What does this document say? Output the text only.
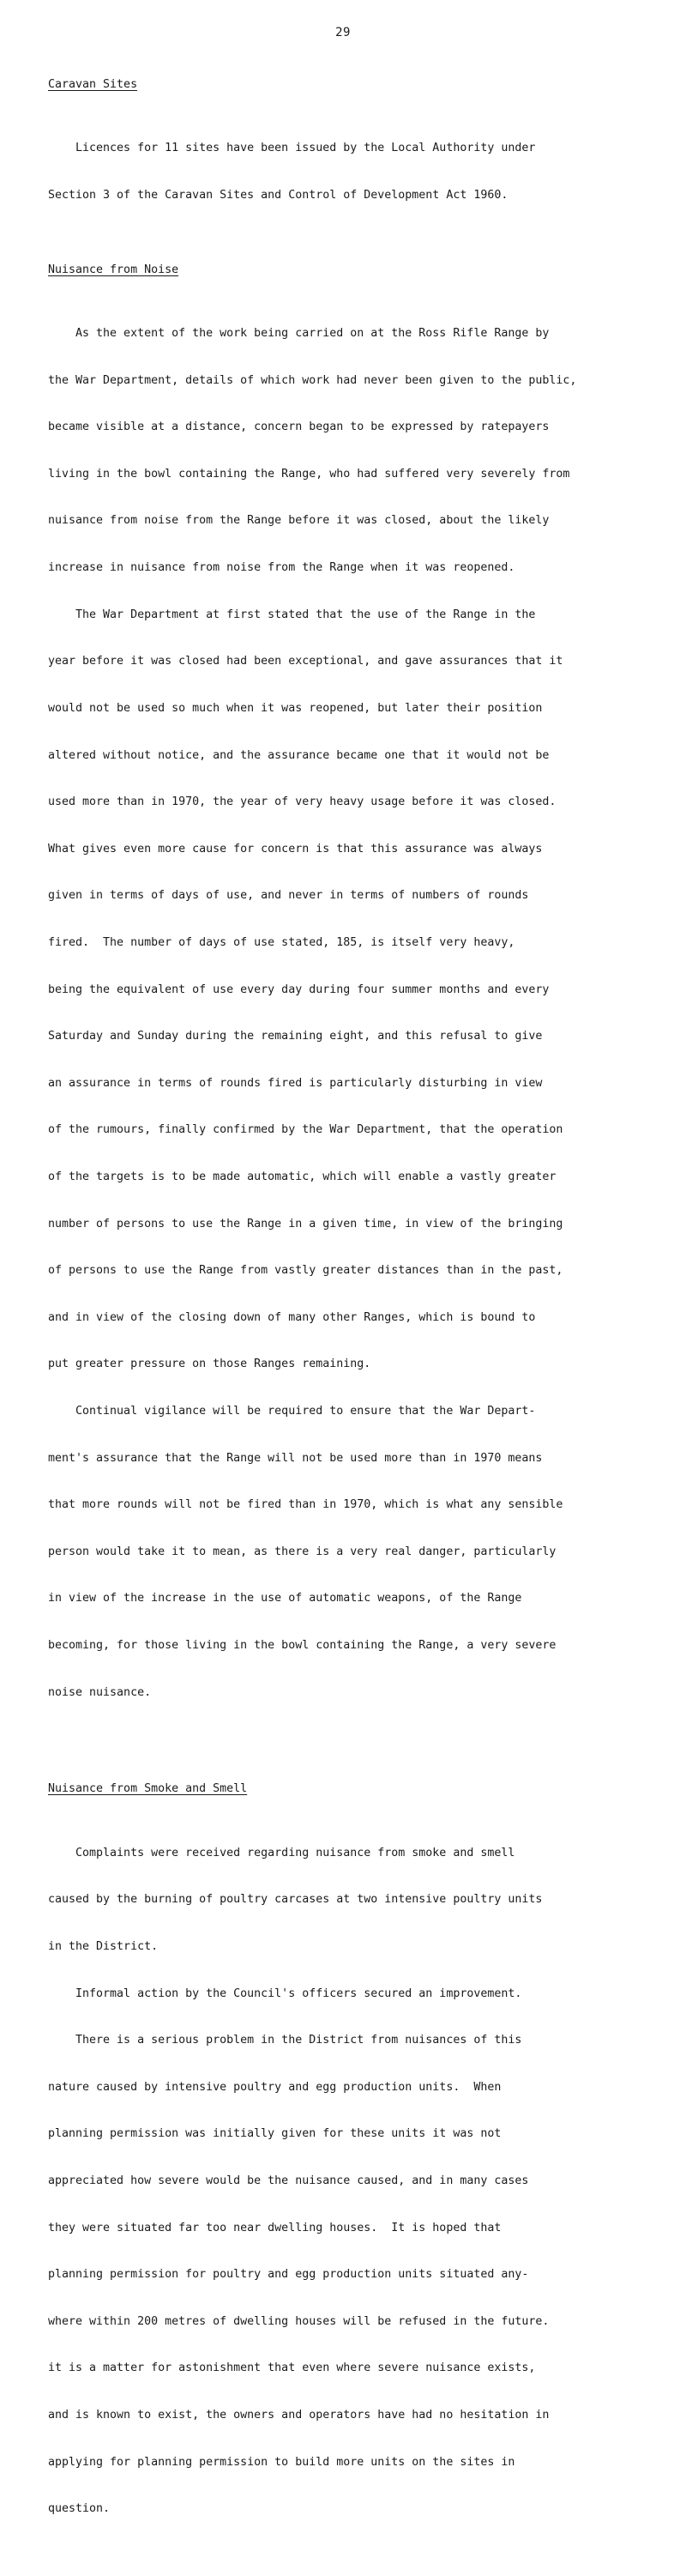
29
Caravan Sites

Licences for 11 sites have been issued by the Local Authority under

Section 3 of the Caravan Sites and Control of Development Act 1960.

Nuisance from Noise

As the extent of the work being carried on at the Ross Rifle Range by

the War Department, details of which work had never been given to the public,

became visible at a distance, concern began to be expressed by ratepayers

living in the bowl containing the Range, who had suffered very severely from

nuisance from noise from the Range before it was closed, about the likely

increase in nuisance from noise from the Range when it was reopened.

The War Department at first stated that the use of the Range in the

year before it was closed had been exceptional, and gave assurances that it

would not be used so much when it was reopened, but later their position

altered without notice, and the assurance became one that it would not be

used more than in 1970, the year of very heavy usage before it was closed.

What gives even more cause for concern is that this assurance was always

given in terms of days of use, and never in terms of numbers of rounds

fired.  The number of days of use stated, 185, is itself very heavy,

being the equivalent of use every day during four summer months and every

Saturday and Sunday during the remaining eight, and this refusal to give

an assurance in terms of rounds fired is particularly disturbing in view

of the rumours, finally confirmed by the War Department, that the operation

of the targets is to be made automatic, which will enable a vastly greater

number of persons to use the Range in a given time, in view of the bringing

of persons to use the Range from vastly greater distances than in the past,

and in view of the closing down of many other Ranges, which is bound to

put greater pressure on those Ranges remaining.

Continual vigilance will be required to ensure that the War Depart-

ment's assurance that the Range will not be used more than in 1970 means

that more rounds will not be fired than in 1970, which is what any sensible

person would take it to mean, as there is a very real danger, particularly

in view of the increase in the use of automatic weapons, of the Range

becoming, for those living in the bowl containing the Range, a very severe

noise nuisance.

Nuisance from Smoke and Smell

Complaints were received regarding nuisance from smoke and smell

caused by the burning of poultry carcases at two intensive poultry units

in the District.

Informal action by the Council's officers secured an improvement.

There is a serious problem in the District from nuisances of this

nature caused by intensive poultry and egg production units.  When

planning permission was initially given for these units it was not

appreciated how severe would be the nuisance caused, and in many cases

they were situated far too near dwelling houses.  It is hoped that

planning permission for poultry and egg production units situated any-

where within 200 metres of dwelling houses will be refused in the future.

it is a matter for astonishment that even where severe nuisance exists,

and is known to exist, the owners and operators have had no hesitation in

applying for planning permission to build more units on the sites in

question.
